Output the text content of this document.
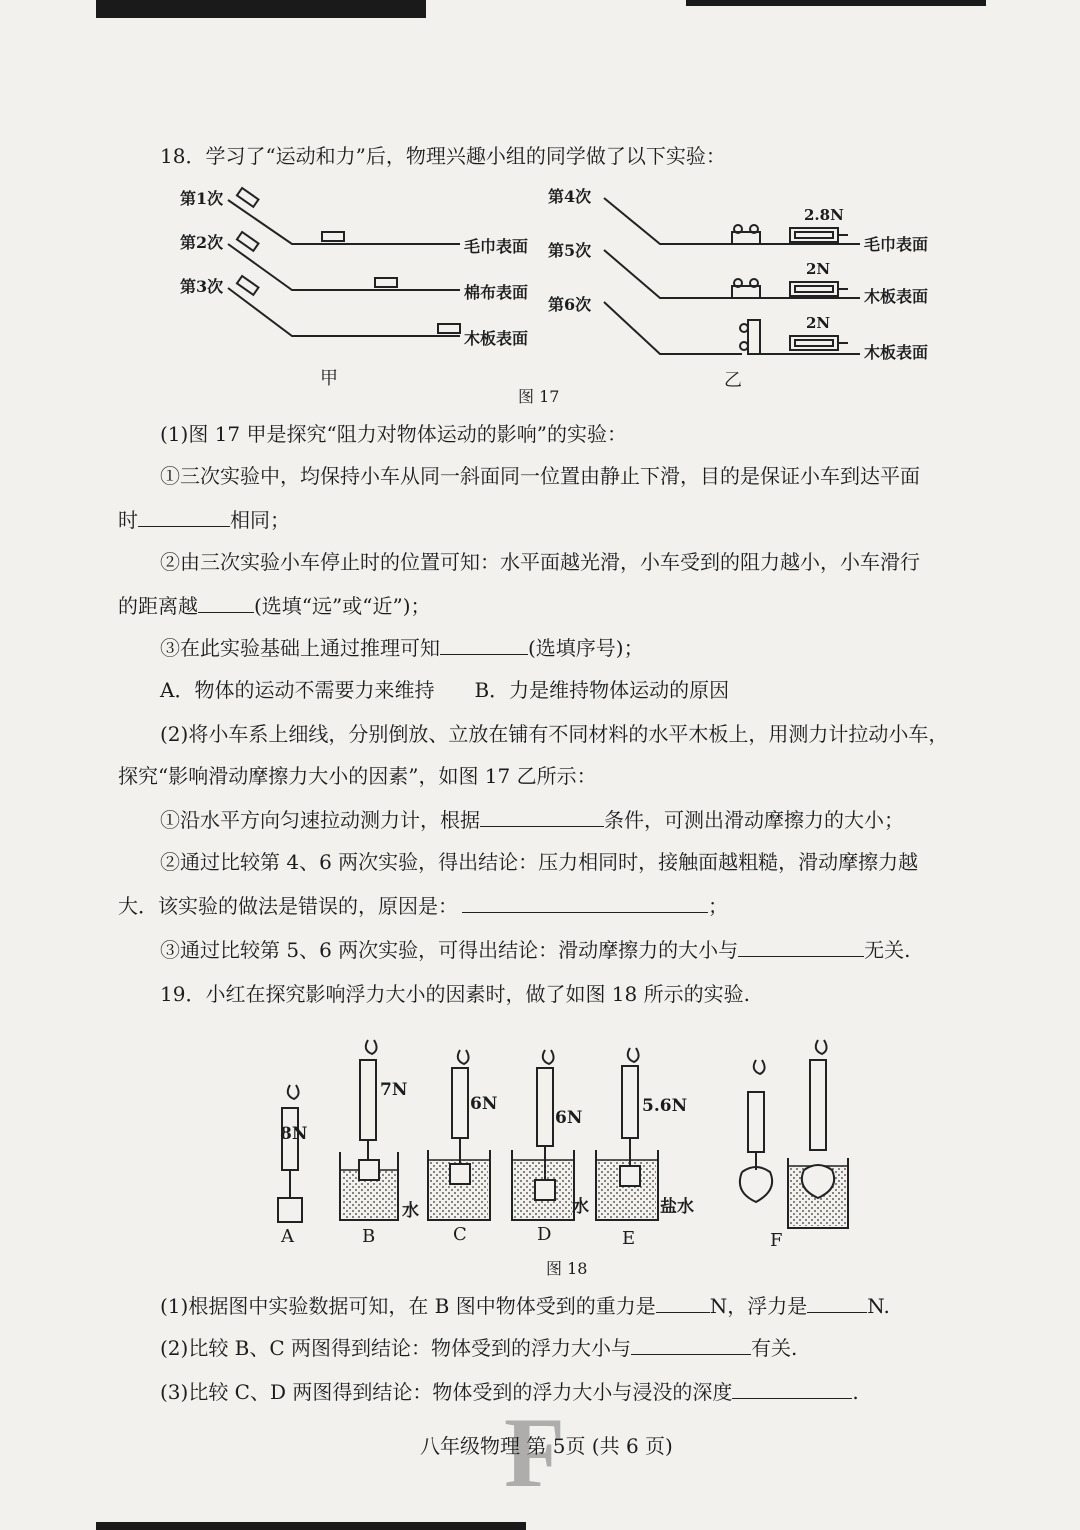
18．学习了“运动和力”后，物理兴趣小组的同学做了以下实验：
第1次
第2次
第3次
毛巾表面
棉布表面
木板表面
第4次
第5次
第6次
2.8N
2N
2N
毛巾表面
木板表面
木板表面
甲	乙
图 17
(1)图 17 甲是探究“阻力对物体运动的影响”的实验：
①三次实验中，均保持小车从同一斜面同一位置由静止下滑，目的是保证小车到达平面
时	相同；
②由三次实验小车停止时的位置可知：水平面越光滑，小车受到的阻力越小，小车滑行
的距离越	(选填“远”或“近”)；
③在此实验基础上通过推理可知	(选填序号)；
A．物体的运动不需要力来维持　　B．力是维持物体运动的原因
(2)将小车系上细线，分别倒放、立放在铺有不同材料的水平木板上，用测力计拉动小车，
探究“影响滑动摩擦力大小的因素”，如图 17 乙所示：
①沿水平方向匀速拉动测力计，根据	条件，可测出滑动摩擦力的大小；
②通过比较第 4、6 两次实验，得出结论：压力相同时，接触面越粗糙，滑动摩擦力越
大．该实验的做法是错误的，原因是：	；
③通过比较第 5、6 两次实验，可得出结论：滑动摩擦力的大小与	无关.
19．小红在探究影响浮力大小的因素时，做了如图 18 所示的实验.
8N
7N
6N
6N
5.6N
水	水	盐水
A	B	C	D	E	F
图 18
(1)根据图中实验数据可知，在 B 图中物体受到的重力是	N，浮力是	N.
(2)比较 B、C 两图得到结论：物体受到的浮力大小与	有关.
(3)比较 C、D 两图得到结论：物体受到的浮力大小与浸没的深度	.
F
八年级物理 第 5页 (共 6 页)
